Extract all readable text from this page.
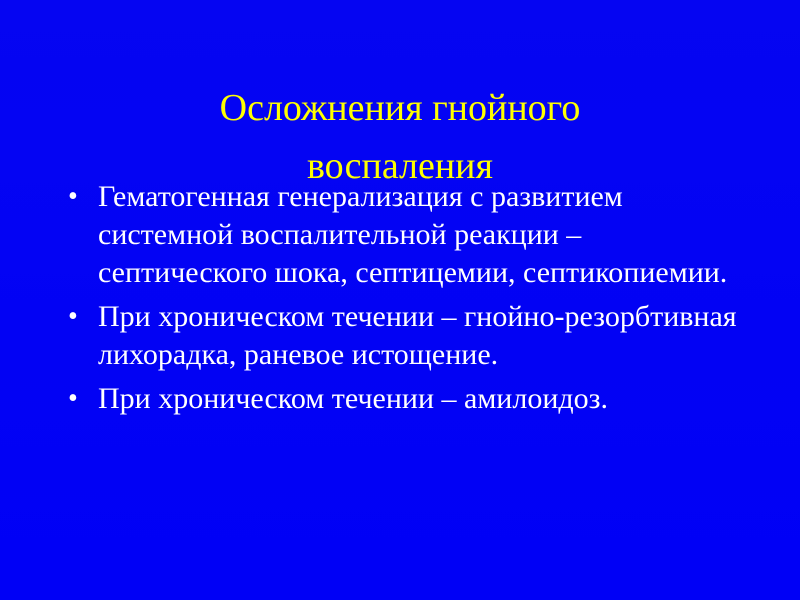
Осложнения гнойного
воспаления
• Гематогенная генерализация с развитием системной воспалительной реакции – септического шока, септицемии, септикопиемии.
• При хроническом течении – гнойно-резорбтивная лихорадка, раневое истощение.
• При хроническом течении – амилоидоз.
